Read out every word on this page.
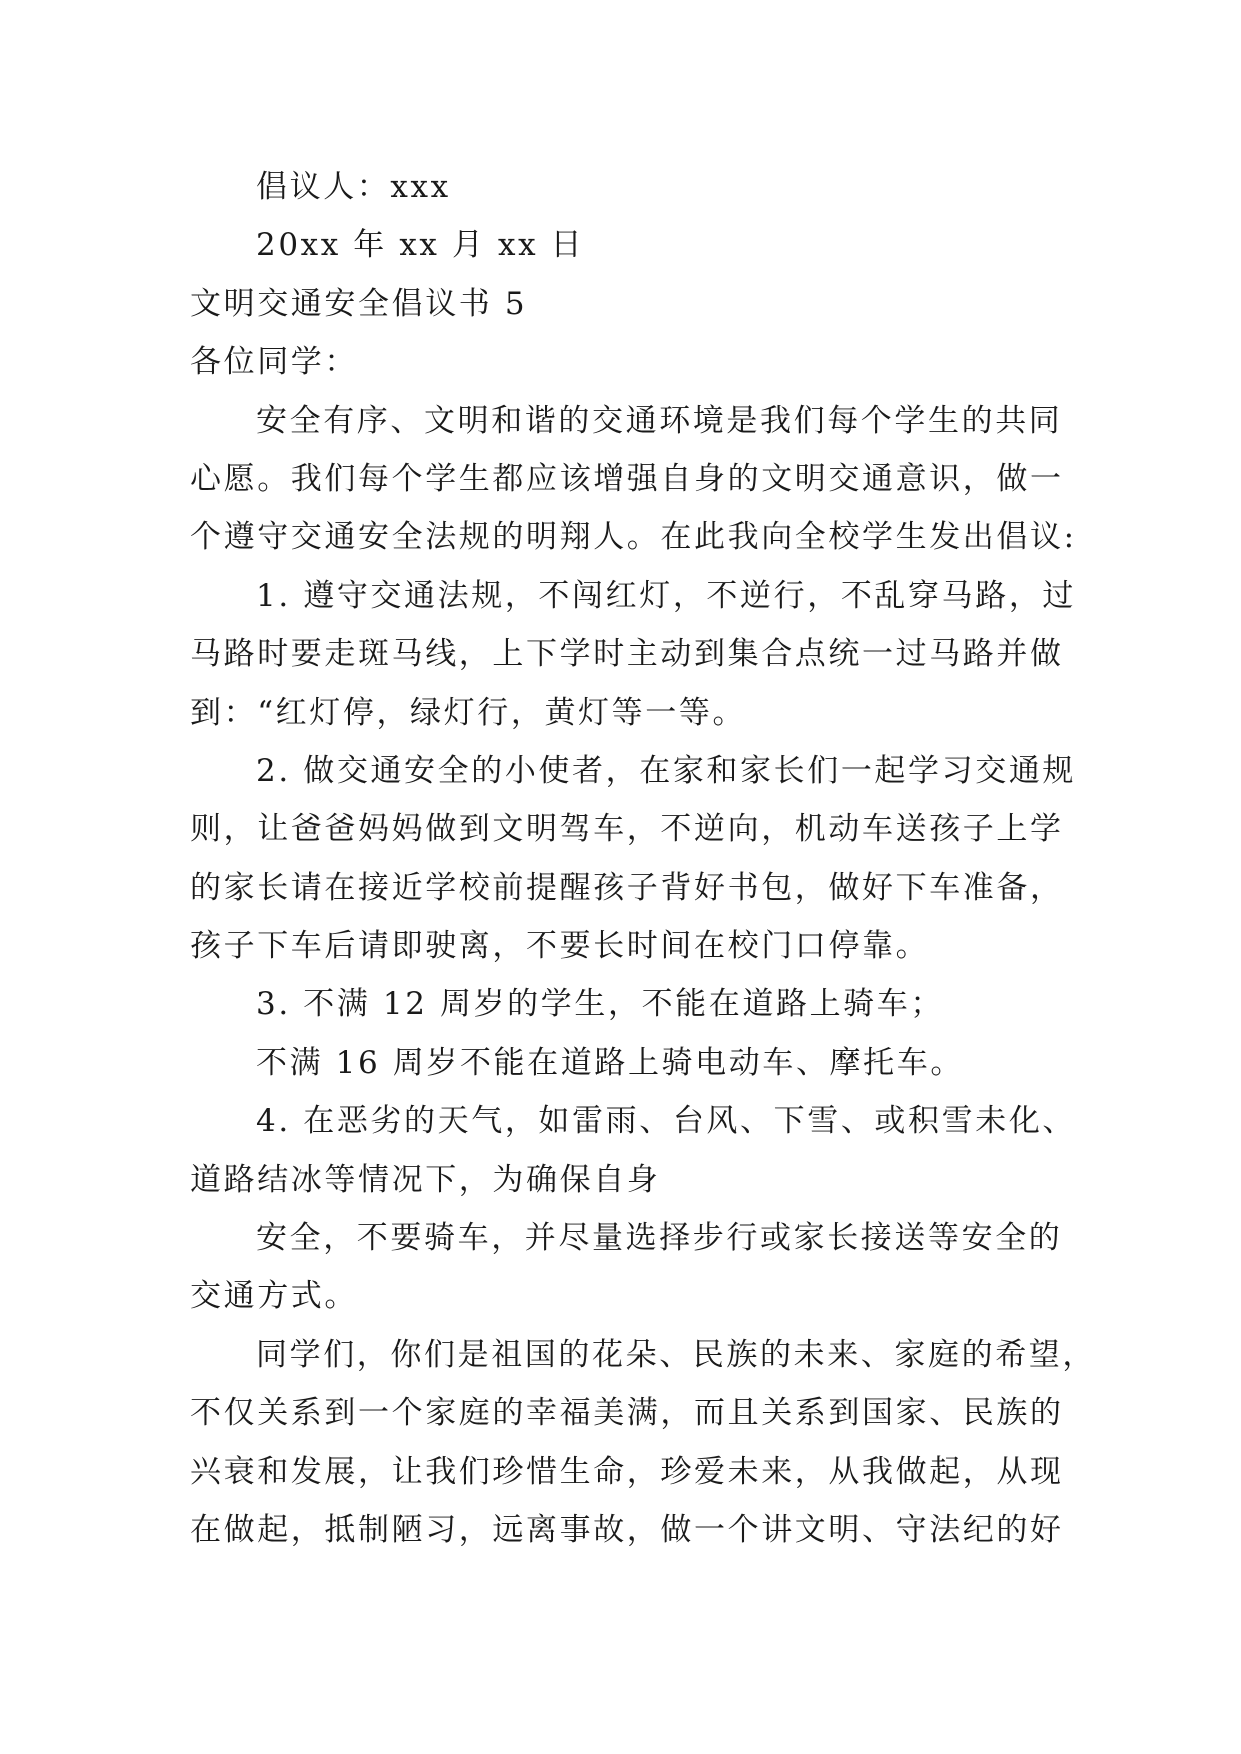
倡议人：xxx
20xx 年 xx 月 xx 日
文明交通安全倡议书 5
各位同学：
安全有序、文明和谐的交通环境是我们每个学生的共同
心愿。我们每个学生都应该增强自身的文明交通意识，做一
个遵守交通安全法规的明翔人。在此我向全校学生发出倡议:
1. 遵守交通法规，不闯红灯，不逆行，不乱穿马路，过
马路时要走斑马线，上下学时主动到集合点统一过马路并做
到：“红灯停，绿灯行，黄灯等一等。
2. 做交通安全的小使者，在家和家长们一起学习交通规
则，让爸爸妈妈做到文明驾车，不逆向，机动车送孩子上学
的家长请在接近学校前提醒孩子背好书包，做好下车准备，
孩子下车后请即驶离，不要长时间在校门口停靠。
3. 不满 12 周岁的学生，不能在道路上骑车；
不满 16 周岁不能在道路上骑电动车、摩托车。
4. 在恶劣的天气，如雷雨、台风、下雪、或积雪未化、
道路结冰等情况下，为确保自身
安全，不要骑车，并尽量选择步行或家长接送等安全的
交通方式。
同学们，你们是祖国的花朵、民族的未来、家庭的希望，
不仅关系到一个家庭的幸福美满，而且关系到国家、民族的
兴衰和发展，让我们珍惜生命，珍爱未来，从我做起，从现
在做起，抵制陋习，远离事故，做一个讲文明、守法纪的好
